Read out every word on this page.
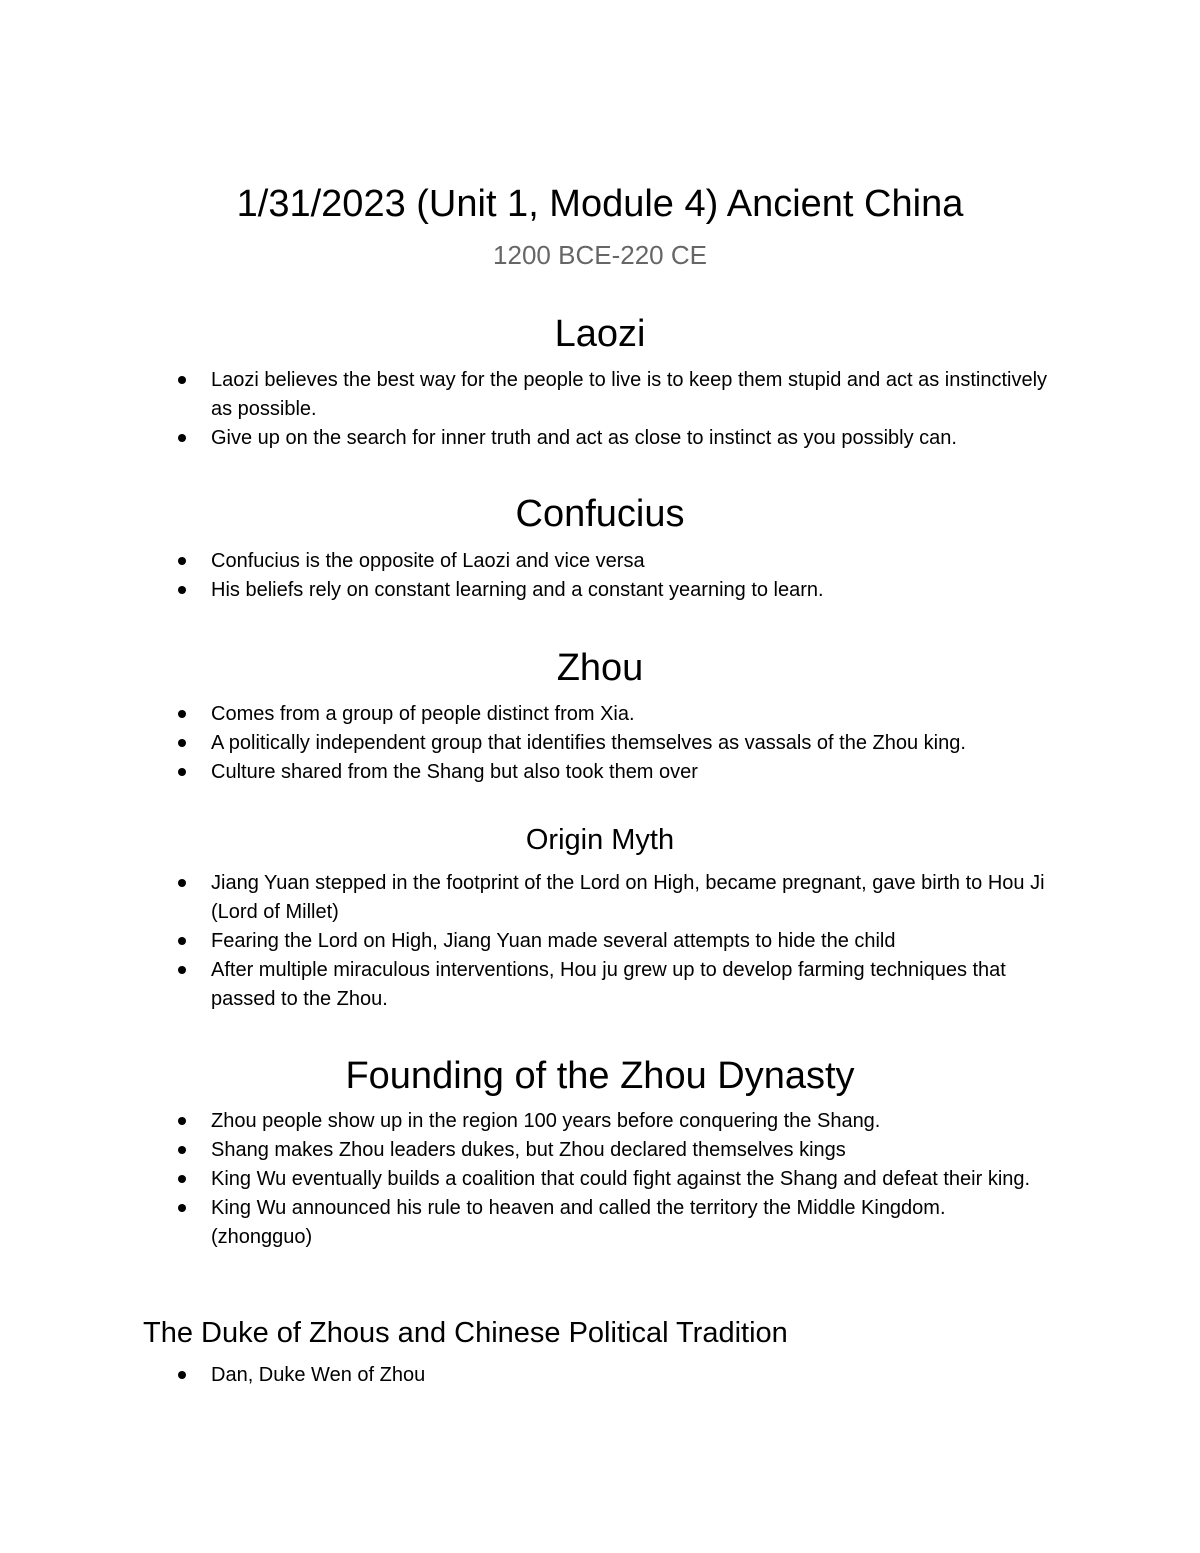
1/31/2023 (Unit 1, Module 4) Ancient China
1200 BCE-220 CE
Laozi
Laozi believes the best way for the people to live is to keep them stupid and act as instinctively as possible.
Give up on the search for inner truth and act as close to instinct as you possibly can.
Confucius
Confucius is the opposite of Laozi and vice versa
His beliefs rely on constant learning and a constant yearning to learn.
Zhou
Comes from a group of people distinct from Xia.
A politically independent group that identifies themselves as vassals of the Zhou king.
Culture shared from the Shang but also took them over
Origin Myth
Jiang Yuan stepped in the footprint of the Lord on High, became pregnant, gave birth to Hou Ji (Lord of Millet)
Fearing the Lord on High, Jiang Yuan made several attempts to hide the child
After multiple miraculous interventions, Hou ju grew up to develop farming techniques that passed to the Zhou.
Founding of the Zhou Dynasty
Zhou people show up in the region 100 years before conquering the Shang.
Shang makes Zhou leaders dukes, but Zhou declared themselves kings
King Wu eventually builds a coalition that could fight against the Shang and defeat their king.
King Wu announced his rule to heaven and called the territory the Middle Kingdom. (zhongguo)
The Duke of Zhous and Chinese Political Tradition
Dan, Duke Wen of Zhou
